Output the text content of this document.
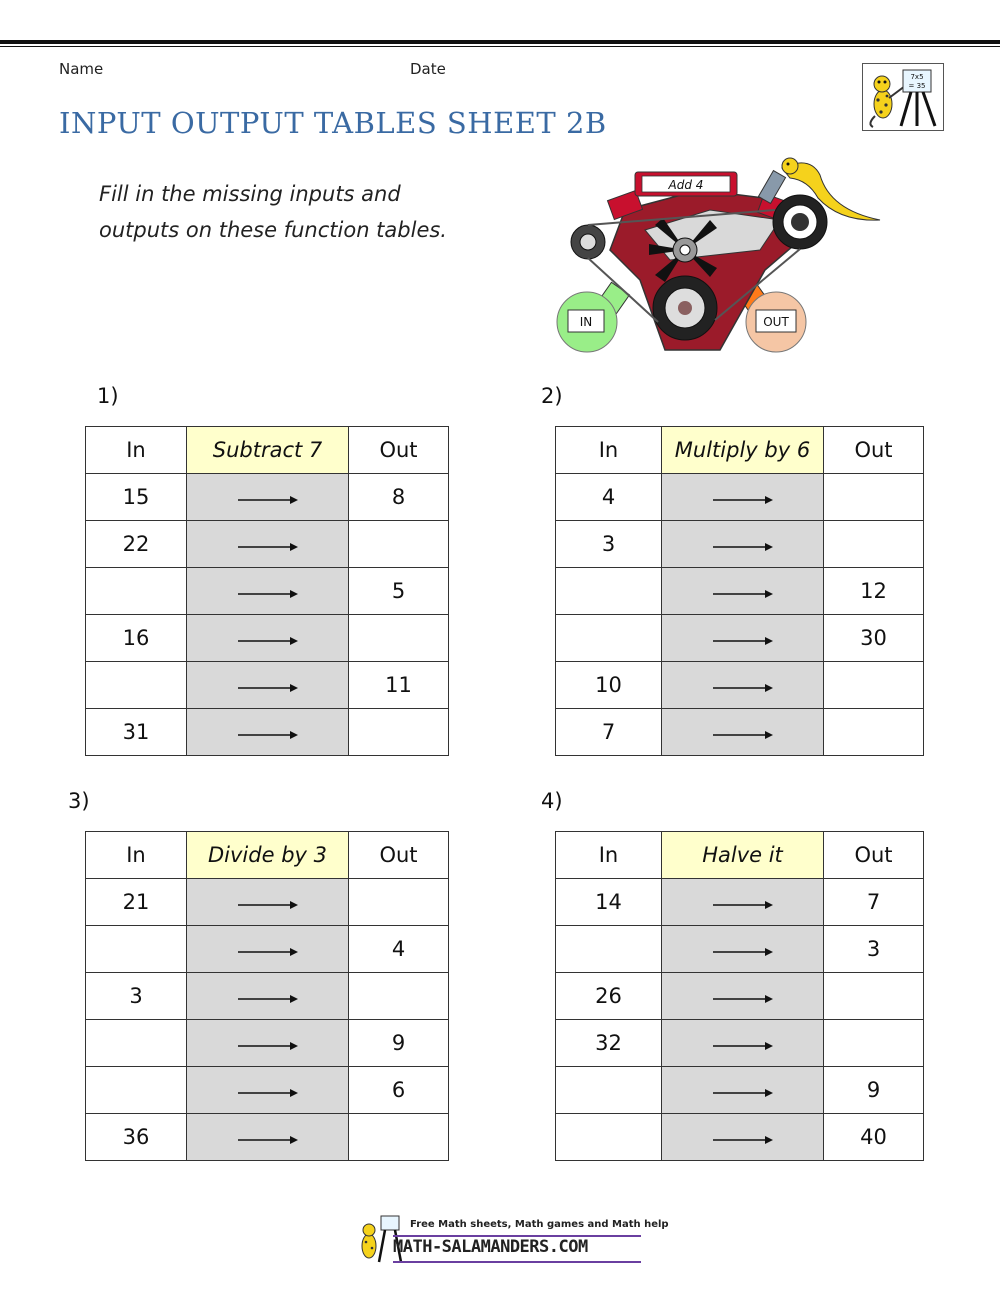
Name	Date	7x5
= 35
INPUT OUTPUT TABLES SHEET 2B
Fill in the missing inputs and
outputs on these function tables.
Add 4
IN	OUT
1)	2)
3)	4)
In	Subtract 7	Out
15		8
22		
		5
16		
		11
31		
In	Multiply by 6	Out
4		
3		
		12
		30
10		
7		
In	Divide by 3	Out
21		
		4
3		
		9
		6
36		
In	Halve it	Out
14		7
		3
26		
32		
		9
		40
Free Math sheets, Math games and Math help
MATH-SALAMANDERS.COM
